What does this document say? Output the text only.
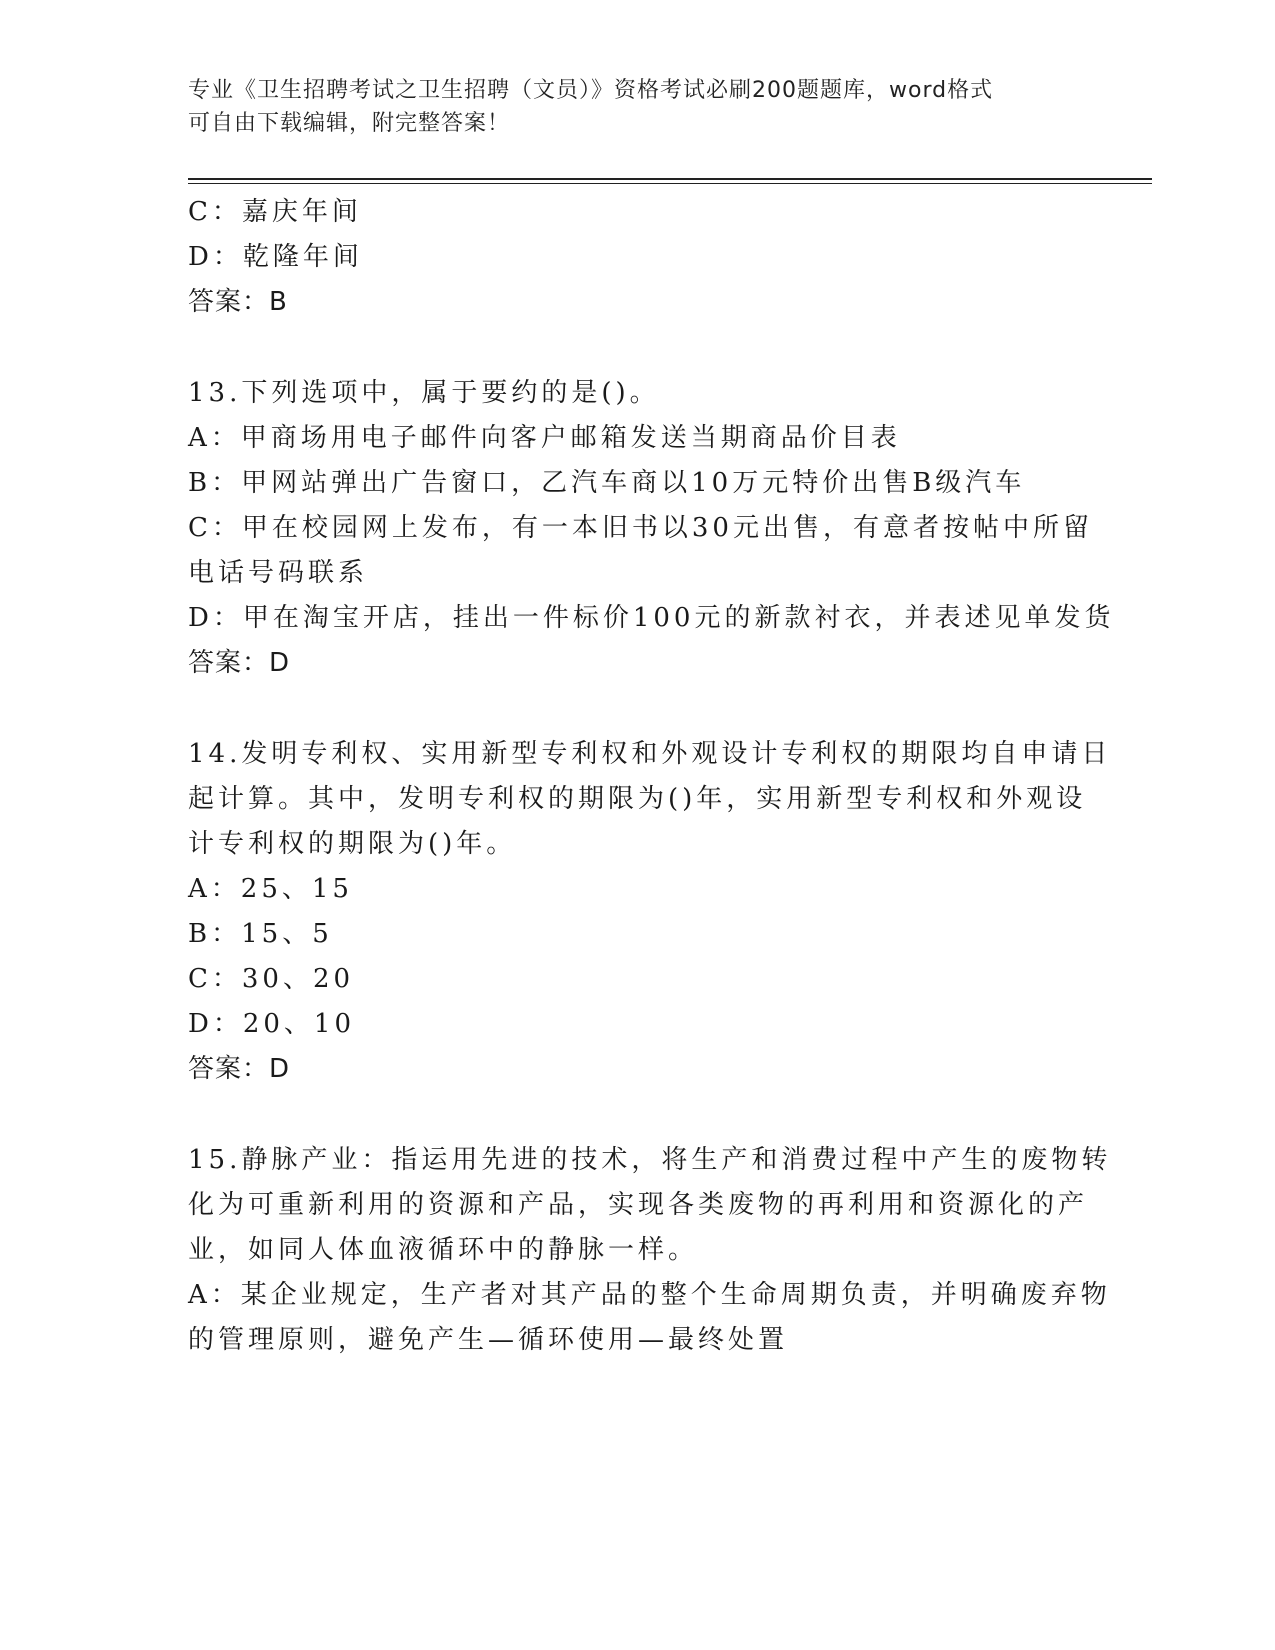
专业《卫生招聘考试之卫生招聘（文员）》资格考试必刷200题题库，word格式
可自由下载编辑，附完整答案！
C：嘉庆年间
D：乾隆年间
答案：B
13.下列选项中，属于要约的是()。
A：甲商场用电子邮件向客户邮箱发送当期商品价目表
B：甲网站弹出广告窗口，乙汽车商以10万元特价出售B级汽车
C：甲在校园网上发布，有一本旧书以30元出售，有意者按帖中所留
电话号码联系
D：甲在淘宝开店，挂出一件标价100元的新款衬衣，并表述见单发货
答案：D
14.发明专利权、实用新型专利权和外观设计专利权的期限均自申请日
起计算。其中，发明专利权的期限为()年，实用新型专利权和外观设
计专利权的期限为()年。
A：25、15
B：15、5
C：30、20
D：20、10
答案：D
15.静脉产业：指运用先进的技术，将生产和消费过程中产生的废物转
化为可重新利用的资源和产品，实现各类废物的再利用和资源化的产
业，如同人体血液循环中的静脉一样。
A：某企业规定，生产者对其产品的整个生命周期负责，并明确废弃物
的管理原则，避免产生—循环使用—最终处置
